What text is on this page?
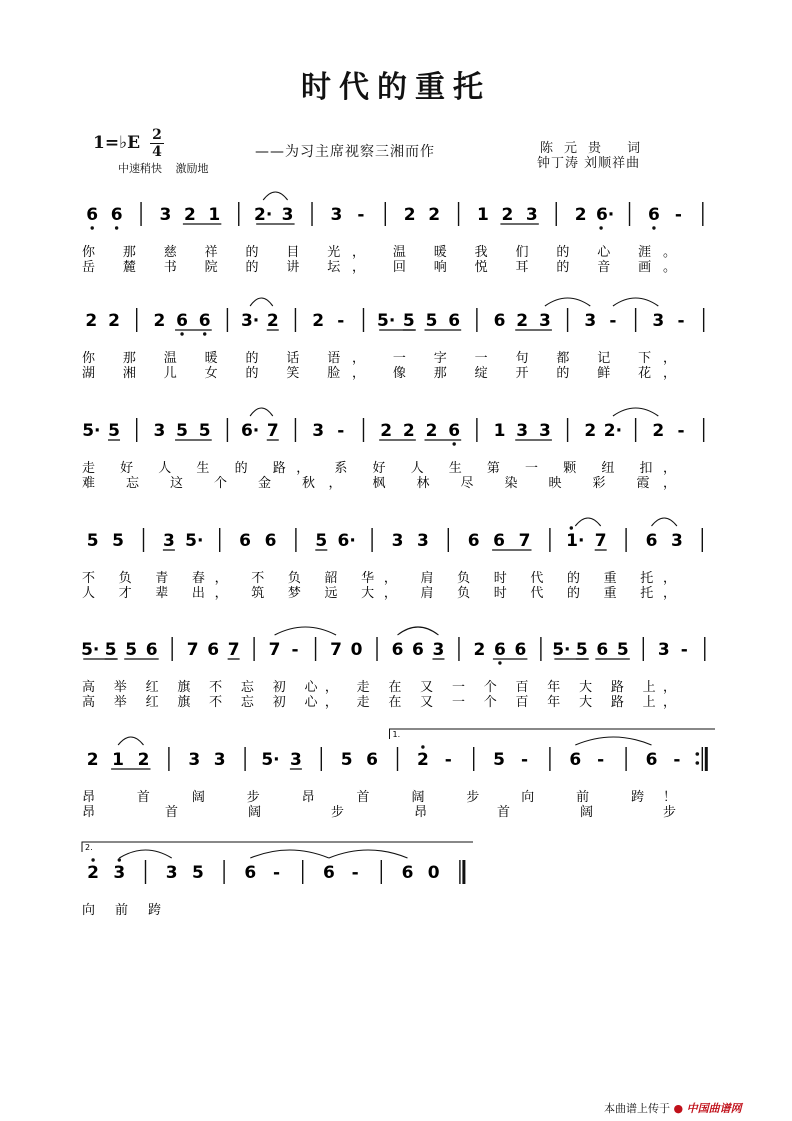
时代的重托
1=♭E 2
4
中速稍快 激励地
——为习主席视察三湘而作	陈元贵 词
钟丁涛 刘顺祥曲
6 6 3 2 1 2· 3 3 - 2 2 1 2 3 2 6· 6 -
你 那 慈 祥 的 目 光， 温 暖 我 们 的 心 涯。
岳 麓 书 院 的 讲 坛， 回 响 悦 耳 的 音 画。
2 2 2 6 6 3· 2 2 - 5· 5 5 6 6 2 3 3 - 3 -
你 那 温 暖 的 话 语， 一 字 一 句 都 记 下，
湖 湘 儿 女 的 笑 脸， 像 那 绽 开 的 鲜 花，
5· 5 3 5 5 6· 7 3 - 2 2 2 6 1 3 3 2 2· 2 -
走 好 人 生 的 路， 系 好 人 生 第 一 颗 纽 扣，
难 忘 这 个 金 秋， 枫 林 尽 染 映 彩 霞，
5 5 3 5· 6 6 5 6· 3 3 6 6 7 1· 7 6 3
不 负 青 春， 不 负 韶 华， 肩 负 时 代 的 重 托，
人 才 辈 出， 筑 梦 远 大， 肩 负 时 代 的 重 托，
5· 5 5 6 7 6 7 7 - 7 0 6 6 3 2 6 6 5· 5 6 5 3 -
高 举 红 旗 不 忘 初 心， 走 在 又 一 个 百 年 大 路 上，
高 举 红 旗 不 忘 初 心， 走 在 又 一 个 百 年 大 路 上，
2 1 2 3 3 5· 3 5 6 2 - 5 - 6 - 6 -
1.
昂 首 阔 步 昂 首 阔 步 向 前 跨！
昂 首 阔 步 昂 首 阔 步
2 3 3 5 6 -	6 -	6 0
2.
向 前 跨
本曲谱上传于 ● 中国曲谱网
